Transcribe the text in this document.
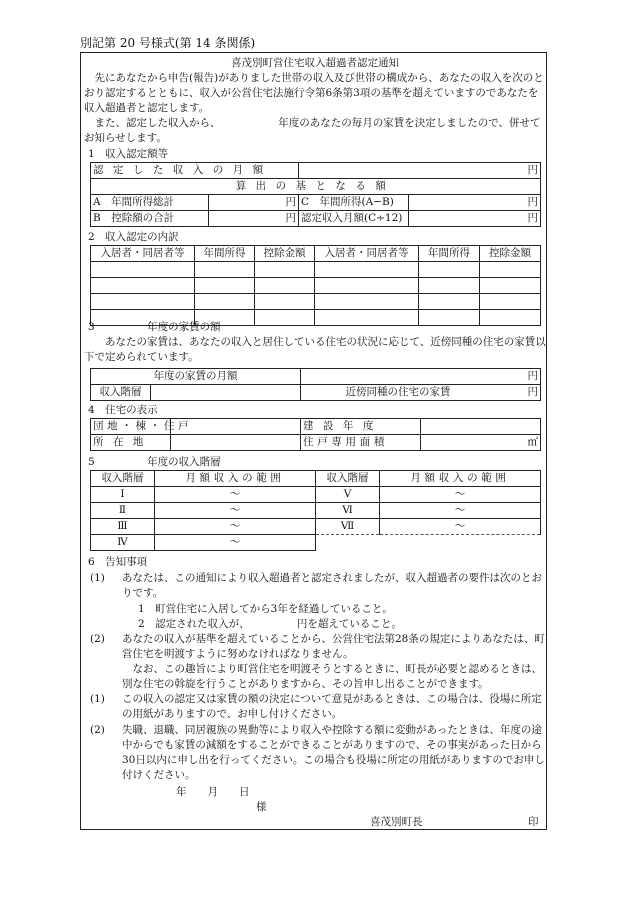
別記第 20 号様式(第 14 条関係)
喜茂別町営住宅収入超過者認定通知
先にあなたから申告(報告)がありました世帯の収入及び世帯の構成から、あなたの収入を次のとおり認定するとともに、収入が公営住宅法施行令第6条第3項の基準を超えていますのであなたを収入超過者と認定します。
また、認定した収入から、　　　　　　年度のあなたの毎月の家賃を決定しましたので、併せてお知らせします。
1　収入認定額等
認定した収入の月額		円	
算出の基となる額			
A　年間所得総計	円	C　年間所得(A−B)	円
B　控除額の合計	円	認定収入月額(C÷12)	円
2　収入認定の内訳
入居者・同居者等	年間所得	控除金額	入居者・同居者等	年間所得	控除金額

3　　　　　年度の家賃の額
あなたの家賃は、あなたの収入と居住している住宅の状況に応じて、近傍同種の住宅の家賃以下で定められています。
年度の家賃の月額		円
収入階層		近傍同種の住宅の家賃 円
4　住宅の表示
団地・棟・住戸		建設年度	
所在地		住戸専用面積	㎡
5　　　　　年度の収入階層
収入階層	月額収入の範囲	収入階層	月額収入の範囲
Ⅰ	〜	Ⅴ	〜
Ⅱ	〜	Ⅵ	〜
Ⅲ	〜	Ⅶ	〜
Ⅳ	〜		
6　告知事項
(1) あなたは、この通知により収入超過者と認定されましたが、収入超過者の要件は次のとおりです。
1　町営住宅に入居してから3年を経過していること。
2　認定された収入が、　　　　　円を超えていること。
(2) あなたの収入が基準を超えていることから、公営住宅法第28条の規定によりあなたは、町営住宅を明渡すように努めなければなりません。
なお、この趣旨により町営住宅を明渡そうとするときに、町長が必要と認めるときは、別な住宅の斡旋を行うことがありますから、その旨申し出ることができます。
(1) この収入の認定又は家賃の額の決定について意見があるときは、この場合は、役場に所定の用紙がありますので、お申し付けください。
(2) 失職、退職、同居親族の異動等により収入や控除する額に変動があったときは、年度の途中からでも家賃の減額をすることができることがありますので、その事実があった日から30日以内に申し出を行ってください。この場合も役場に所定の用紙がありますのでお申し付けください。
年　　月　　日
様
喜茂別町長	印
